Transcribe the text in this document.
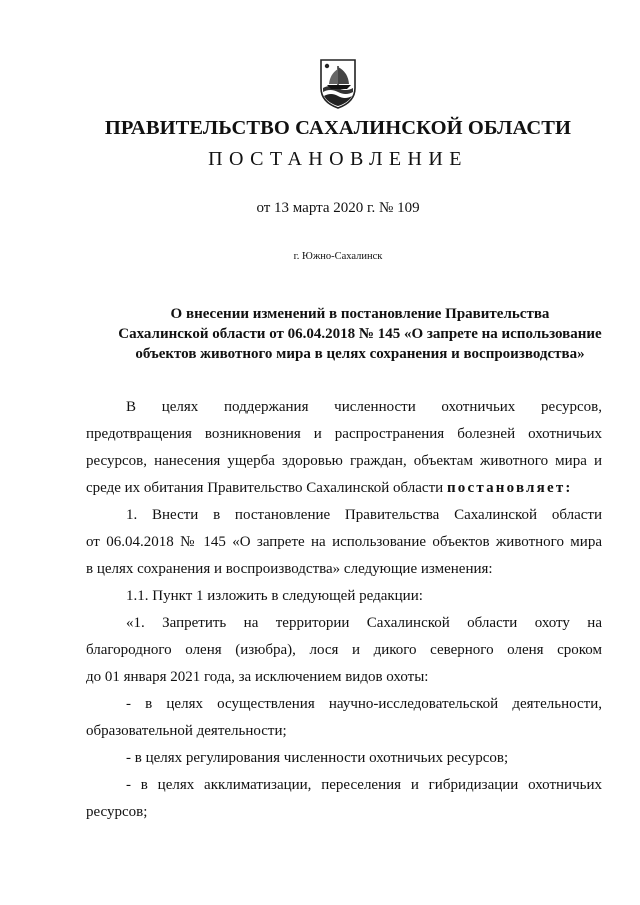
ПРАВИТЕЛЬСТВО САХАЛИНСКОЙ ОБЛАСТИ
ПОСТАНОВЛЕНИЕ
от 13 марта 2020 г. № 109
г. Южно-Сахалинск
О внесении изменений в постановление Правительства
Сахалинской области от 06.04.2018 № 145 «О запрете на использование
объектов животного мира в целях сохранения и воспроизводства»
В целях поддержания численности охотничьих ресурсов,
предотвращения возникновения и распространения болезней охотничьих
ресурсов, нанесения ущерба здоровью граждан, объектам животного мира и
среде их обитания Правительство Сахалинской области постановляет:
1. Внести в постановление Правительства Сахалинской области
от 06.04.2018 № 145 «О запрете на использование объектов животного мира
в целях сохранения и воспроизводства» следующие изменения:
1.1. Пункт 1 изложить в следующей редакции:
«1. Запретить на территории Сахалинской области охоту на
благородного оленя (изюбра), лося и дикого северного оленя сроком
до 01 января 2021 года, за исключением видов охоты:
- в целях осуществления научно-исследовательской деятельности,
образовательной деятельности;
- в целях регулирования численности охотничьих ресурсов;
- в целях акклиматизации, переселения и гибридизации охотничьих
ресурсов;
